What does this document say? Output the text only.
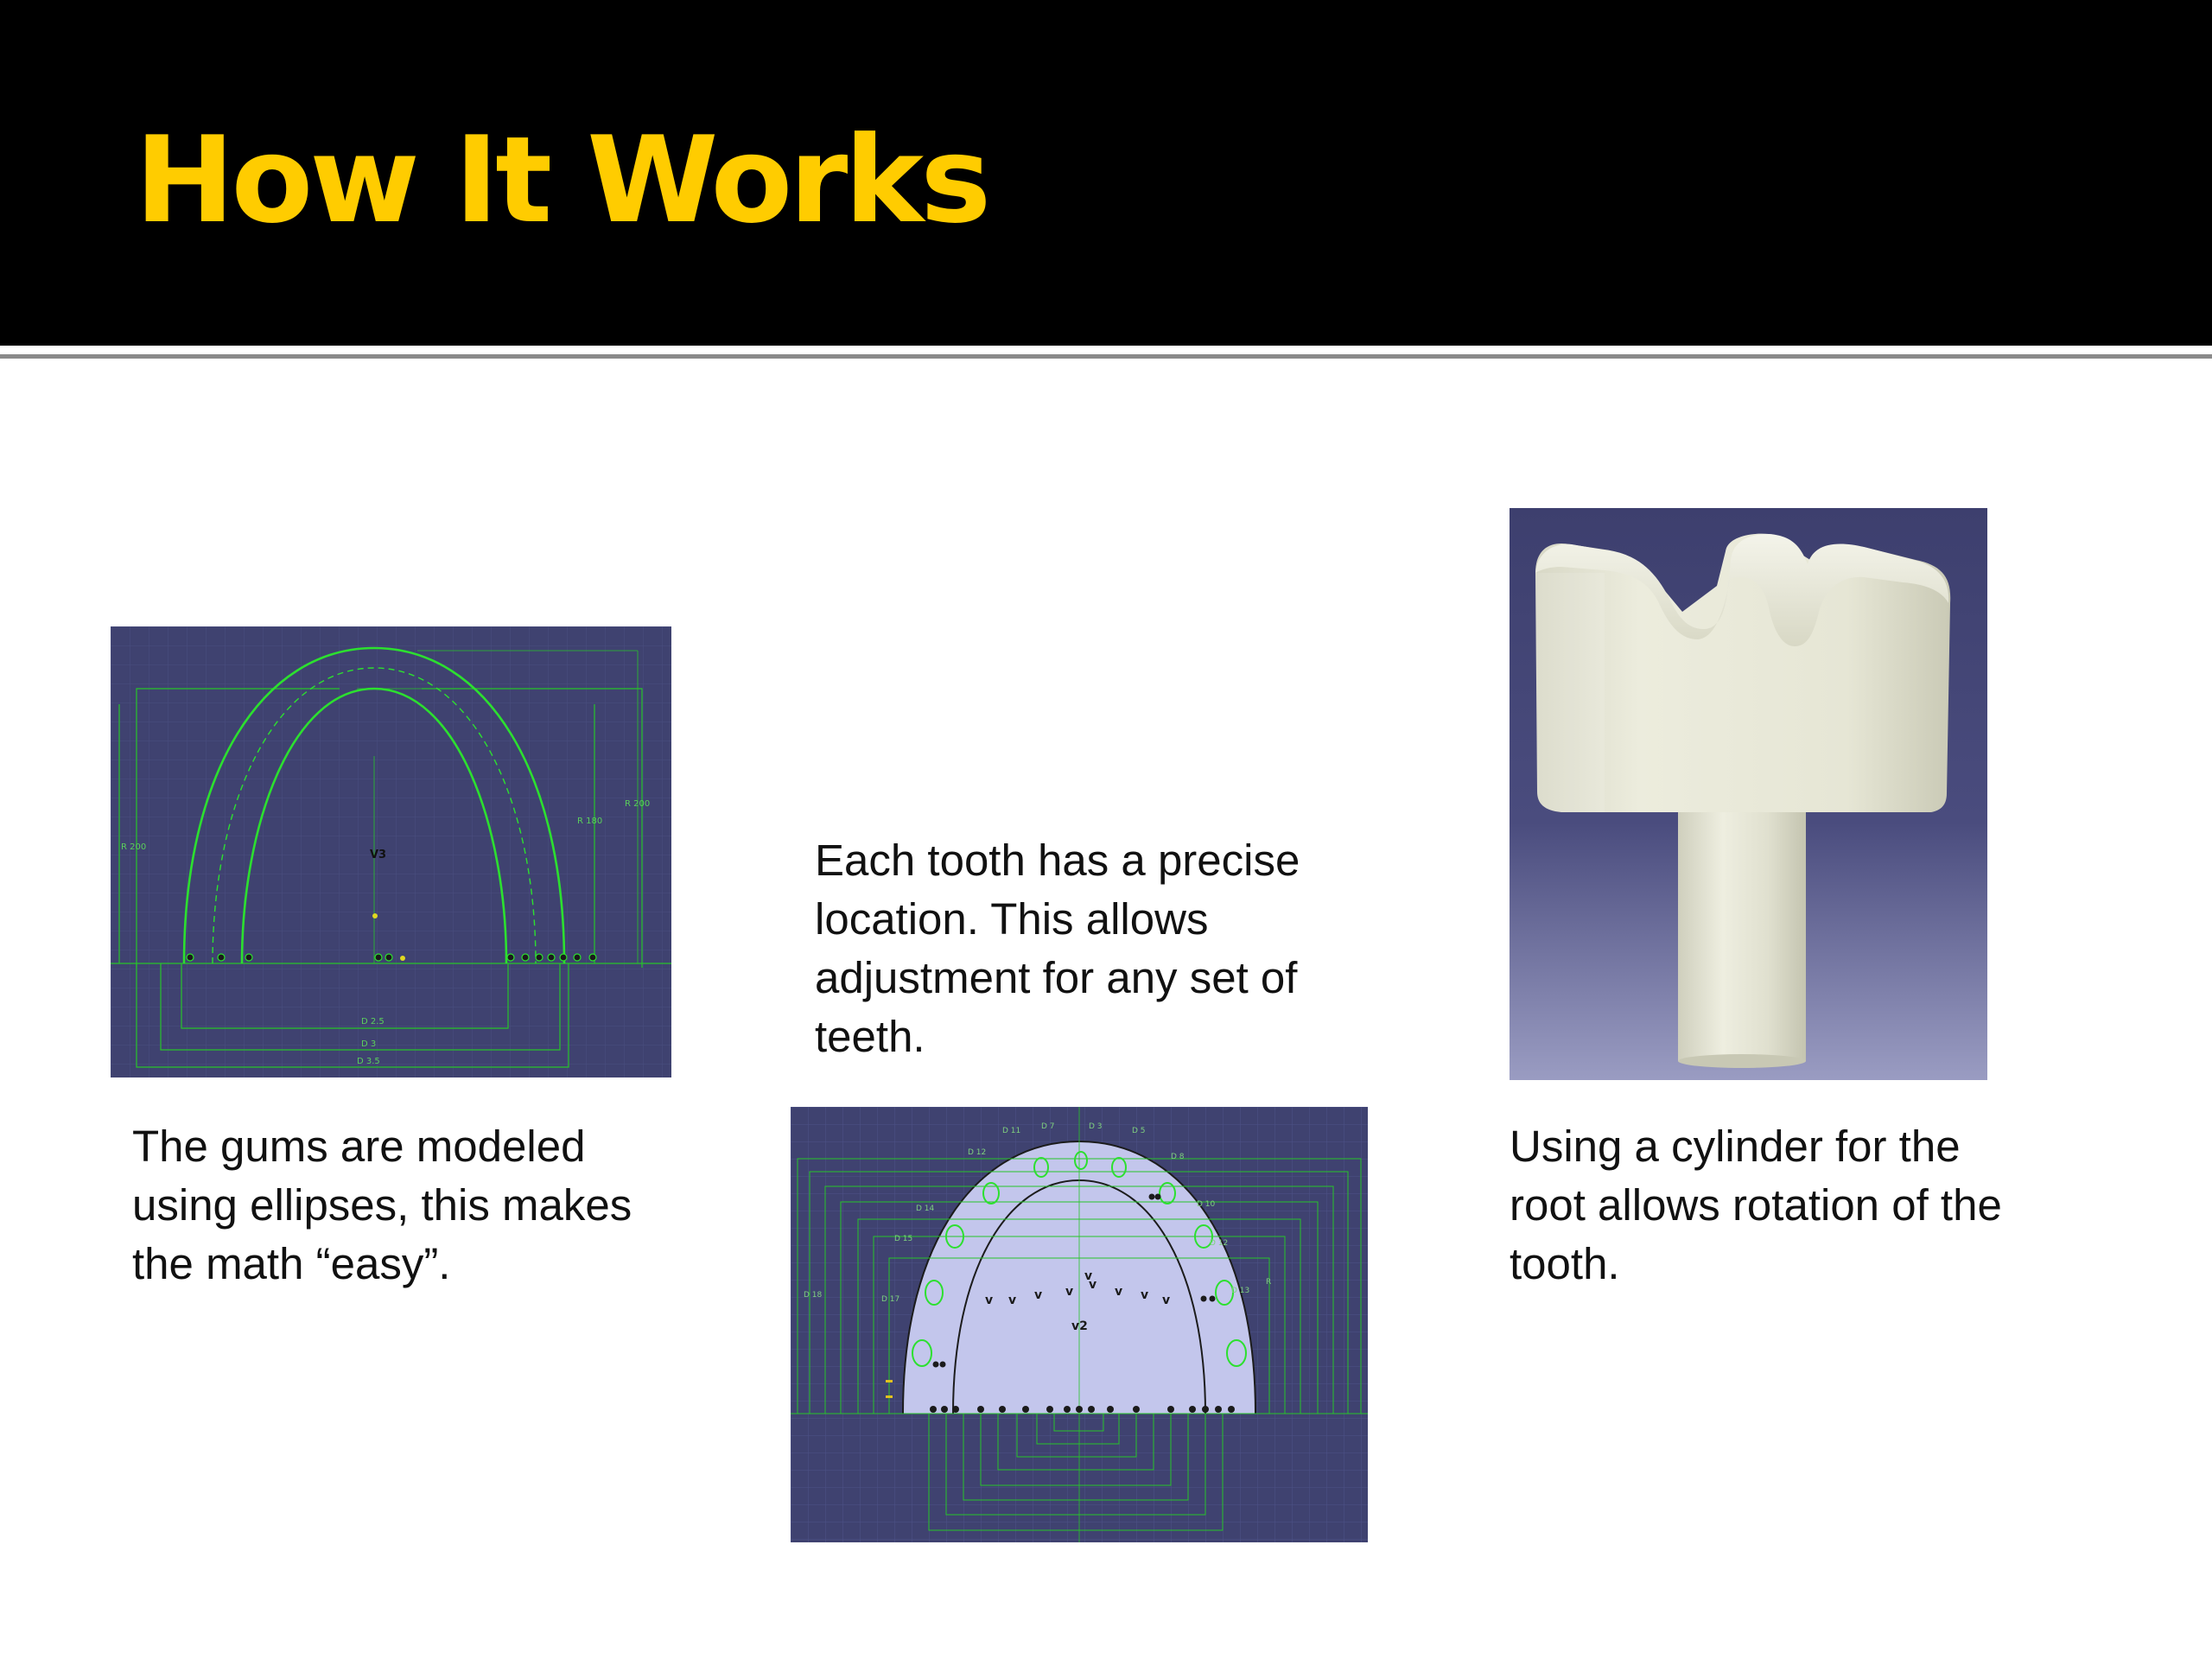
How It Works
R 200
R 180
R 200
D 2.5
D 3
D 3.5
V3
v v v v v v v v
v2
v
D 11	D 7	D 3	D 5
D 12	D 8
D 14	D 10
D 15	D 12
D 17
D 13
R
D 18
The gums are modeled using ellipses, this makes the math “easy”.
Each tooth has a precise location. This allows adjustment for any set of teeth.
Using a cylinder for the root allows rotation of the tooth.
